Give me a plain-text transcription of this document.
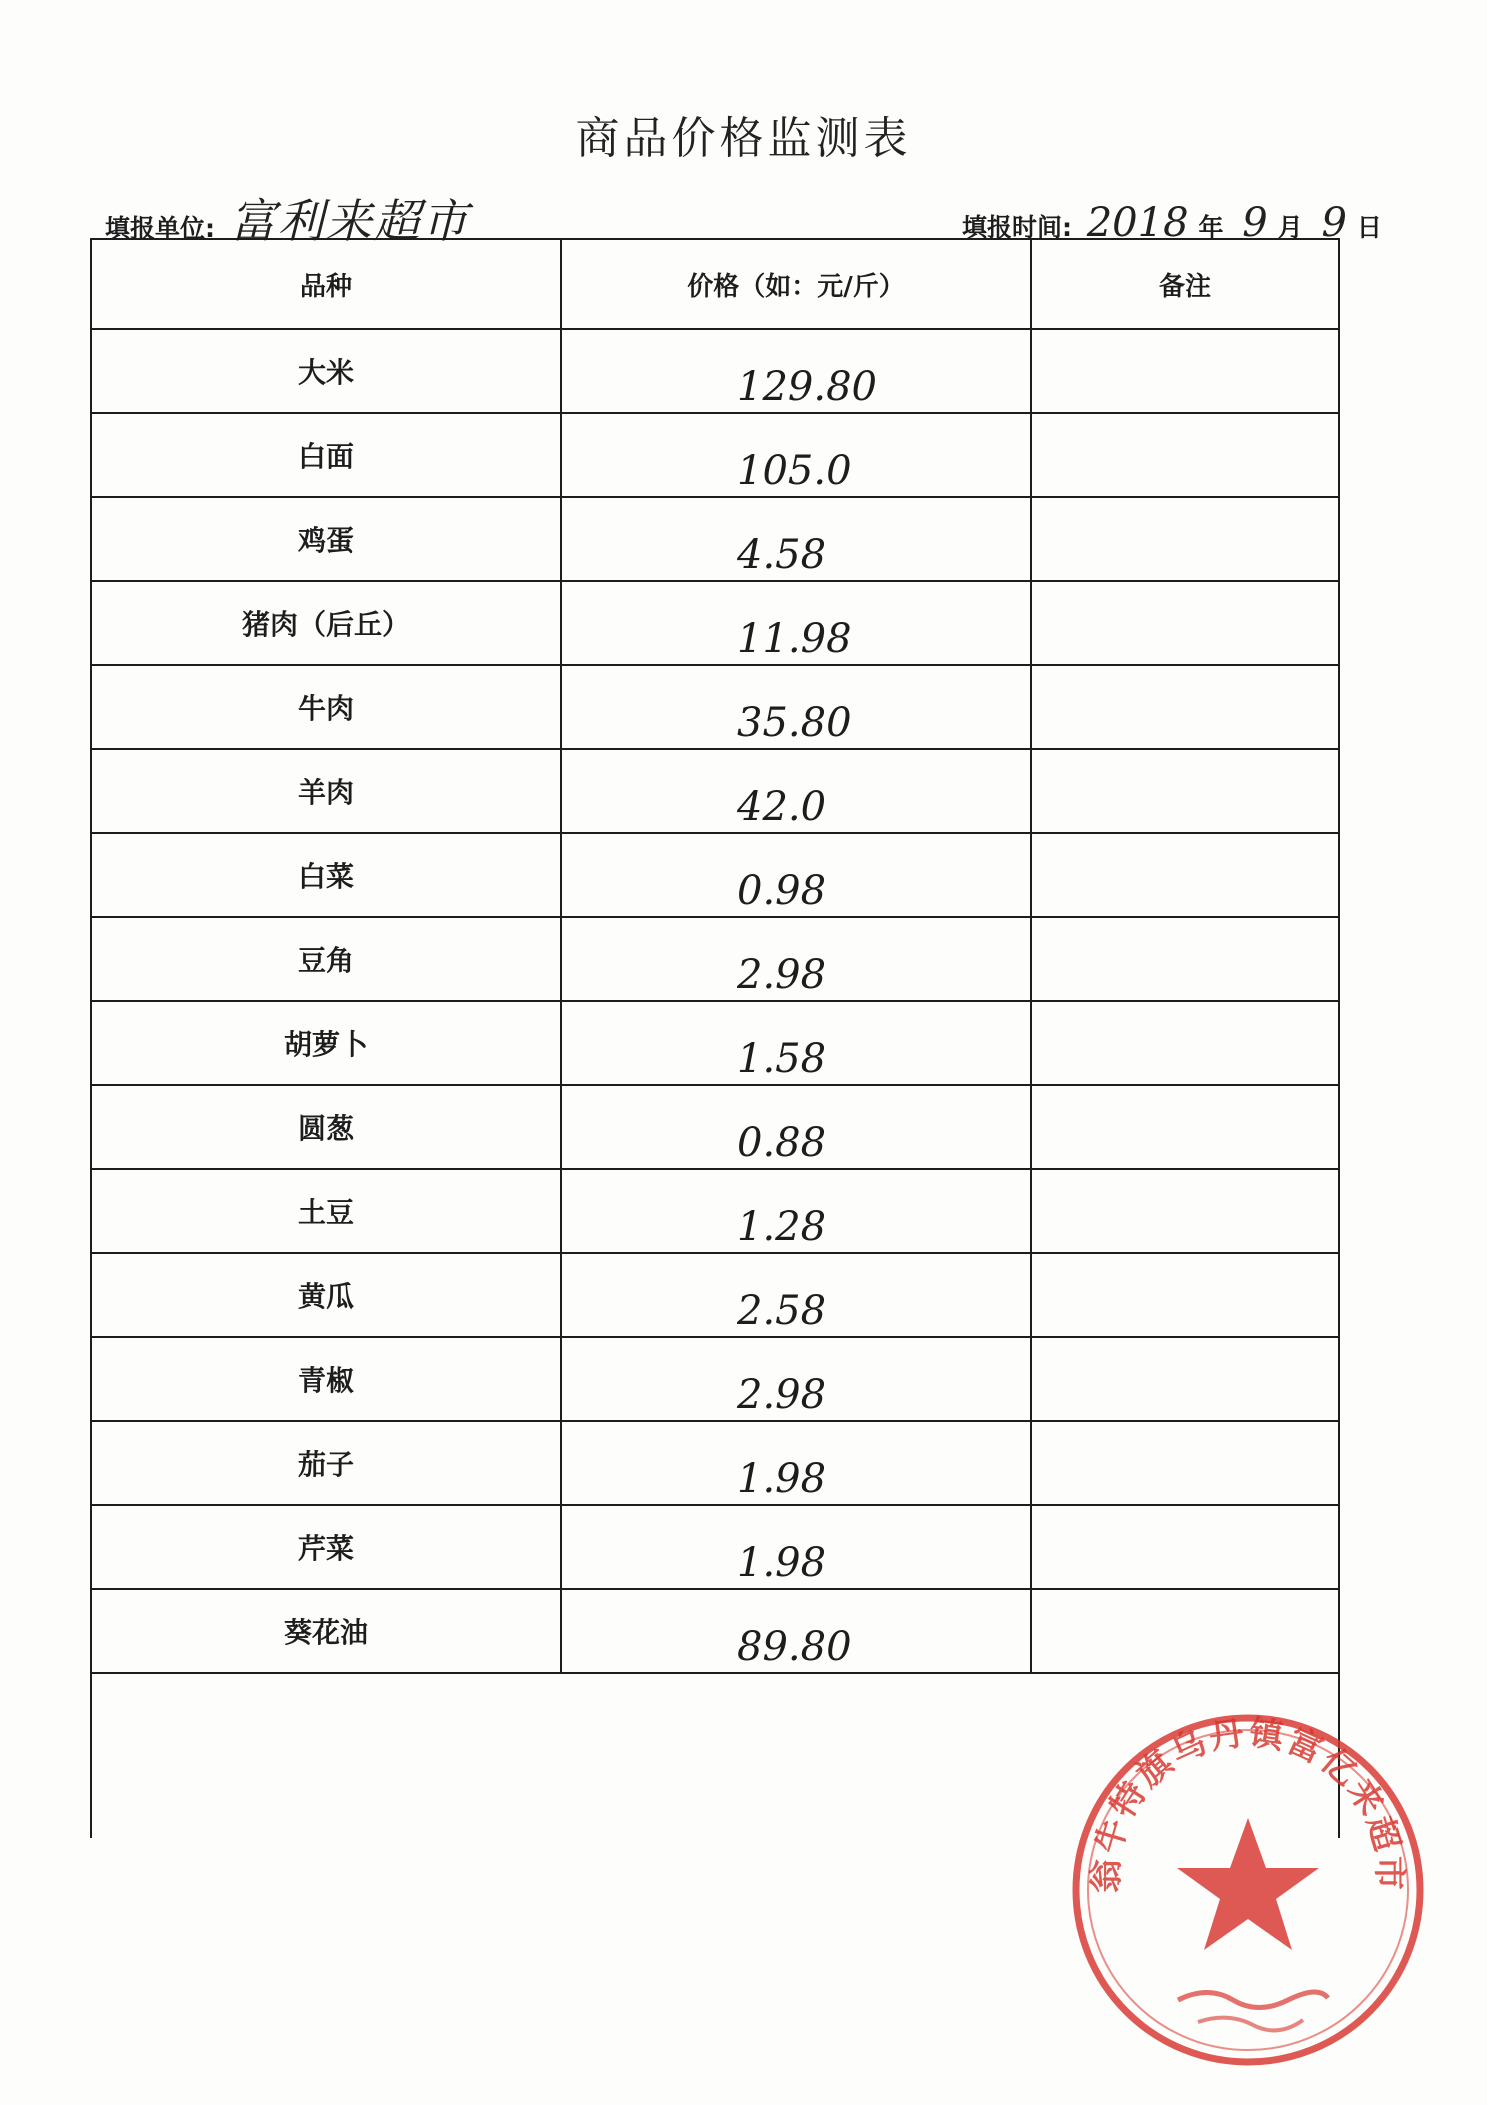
商品价格监测表
填报单位: 富利来超市	填报时间: 2018 年 9 月 9 日
品种	价格（如：元/斤）	备注
大米	129.80
白面	105.0
鸡蛋	4.58
猪肉（后丘）	11.98
牛肉	35.80
羊肉	42.0
白菜	0.98
豆角	2.98
胡萝卜	1.58
圆葱	0.88
土豆	1.28
黄瓜	2.58
青椒	2.98
茄子	1.98
芹菜	1.98
葵花油	89.80
翁牛特旗乌丹镇富亿来超市
